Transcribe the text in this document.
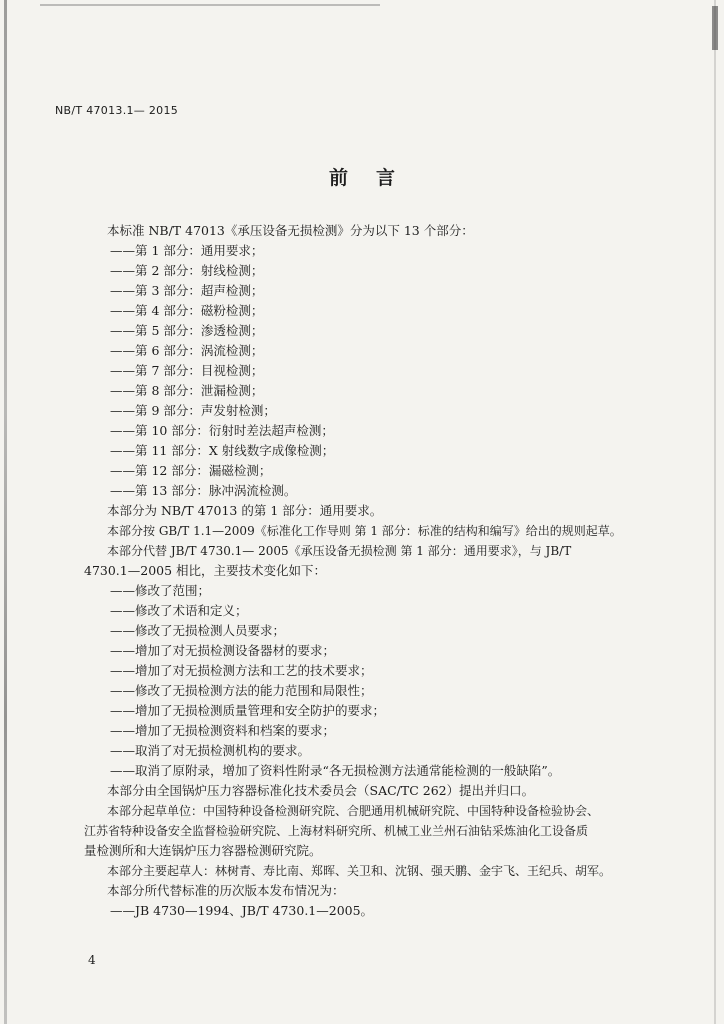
NB/T 47013.1— 2015
前言
本标准 NB/T 47013《承压设备无损检测》分为以下 13 个部分：
——第 1 部分：通用要求；
——第 2 部分：射线检测；
——第 3 部分：超声检测；
——第 4 部分：磁粉检测；
——第 5 部分：渗透检测；
——第 6 部分：涡流检测；
——第 7 部分：目视检测；
——第 8 部分：泄漏检测；
——第 9 部分：声发射检测；
——第 10 部分：衍射时差法超声检测；
——第 11 部分：X 射线数字成像检测；
——第 12 部分：漏磁检测；
——第 13 部分：脉冲涡流检测。
本部分为 NB/T 47013 的第 1 部分：通用要求。
本部分按 GB/T 1.1—2009《标准化工作导则 第 1 部分：标准的结构和编写》给出的规则起草。
本部分代替 JB/T 4730.1— 2005《承压设备无损检测 第 1 部分：通用要求》，与 JB/T
4730.1—2005 相比，主要技术变化如下：
——修改了范围；
——修改了术语和定义；
——修改了无损检测人员要求；
——增加了对无损检测设备器材的要求；
——增加了对无损检测方法和工艺的技术要求；
——修改了无损检测方法的能力范围和局限性；
——增加了无损检测质量管理和安全防护的要求；
——增加了无损检测资料和档案的要求；
——取消了对无损检测机构的要求。
——取消了原附录，增加了资料性附录“各无损检测方法通常能检测的一般缺陷”。
本部分由全国锅炉压力容器标准化技术委员会（SAC/TC 262）提出并归口。
本部分起草单位：中国特种设备检测研究院、合肥通用机械研究院、中国特种设备检验协会、
江苏省特种设备安全监督检验研究院、上海材料研究所、机械工业兰州石油钻采炼油化工设备质
量检测所和大连锅炉压力容器检测研究院。
本部分主要起草人：林树青、寿比南、郑晖、关卫和、沈钢、强天鹏、金宇飞、王纪兵、胡军。
本部分所代替标准的历次版本发布情况为：
——JB 4730—1994、JB/T 4730.1—2005。
4
